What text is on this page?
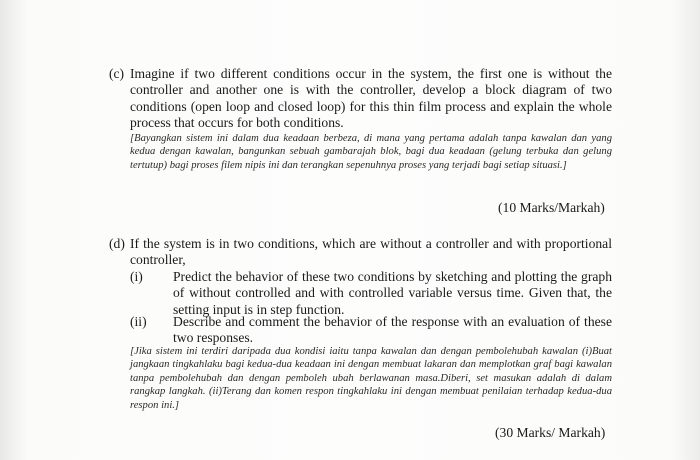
(c) Imagine if two different conditions occur in the system, the first one is without the controller and another one is with the controller, develop a block diagram of two conditions (open loop and closed loop) for this thin film process and explain the whole process that occurs for both conditions.
[Bayangkan sistem ini dalam dua keadaan berbeza, di mana yang pertama adalah tanpa kawalan dan yang kedua dengan kawalan, bangunkan sebuah gambarajah blok, bagi dua keadaan (gelung terbuka dan gelung tertutup) bagi proses filem nipis ini dan terangkan sepenuhnya proses yang terjadi bagi setiap situasi.]
(10 Marks/Markah)
(d) If the system is in two conditions, which are without a controller and with proportional controller,
(i) Predict the behavior of these two conditions by sketching and plotting the graph of without controlled and with controlled variable versus time. Given that, the setting input is in step function.
(ii) Describe and comment the behavior of the response with an evaluation of these two responses.
[Jika sistem ini terdiri daripada dua kondisi iaitu tanpa kawalan dan dengan pembolehubah kawalan (i)Buat jangkaan tingkahlaku bagi kedua-dua keadaan ini dengan membuat lakaran dan memplotkan graf bagi kawalan tanpa pembolehubah dan dengan pemboleh ubah berlawanan masa.Diberi, set masukan adalah di dalam rangkap langkah. (ii)Terang dan komen respon tingkahlaku ini dengan membuat penilaian terhadap kedua-dua respon ini.]
(30 Marks/ Markah)
